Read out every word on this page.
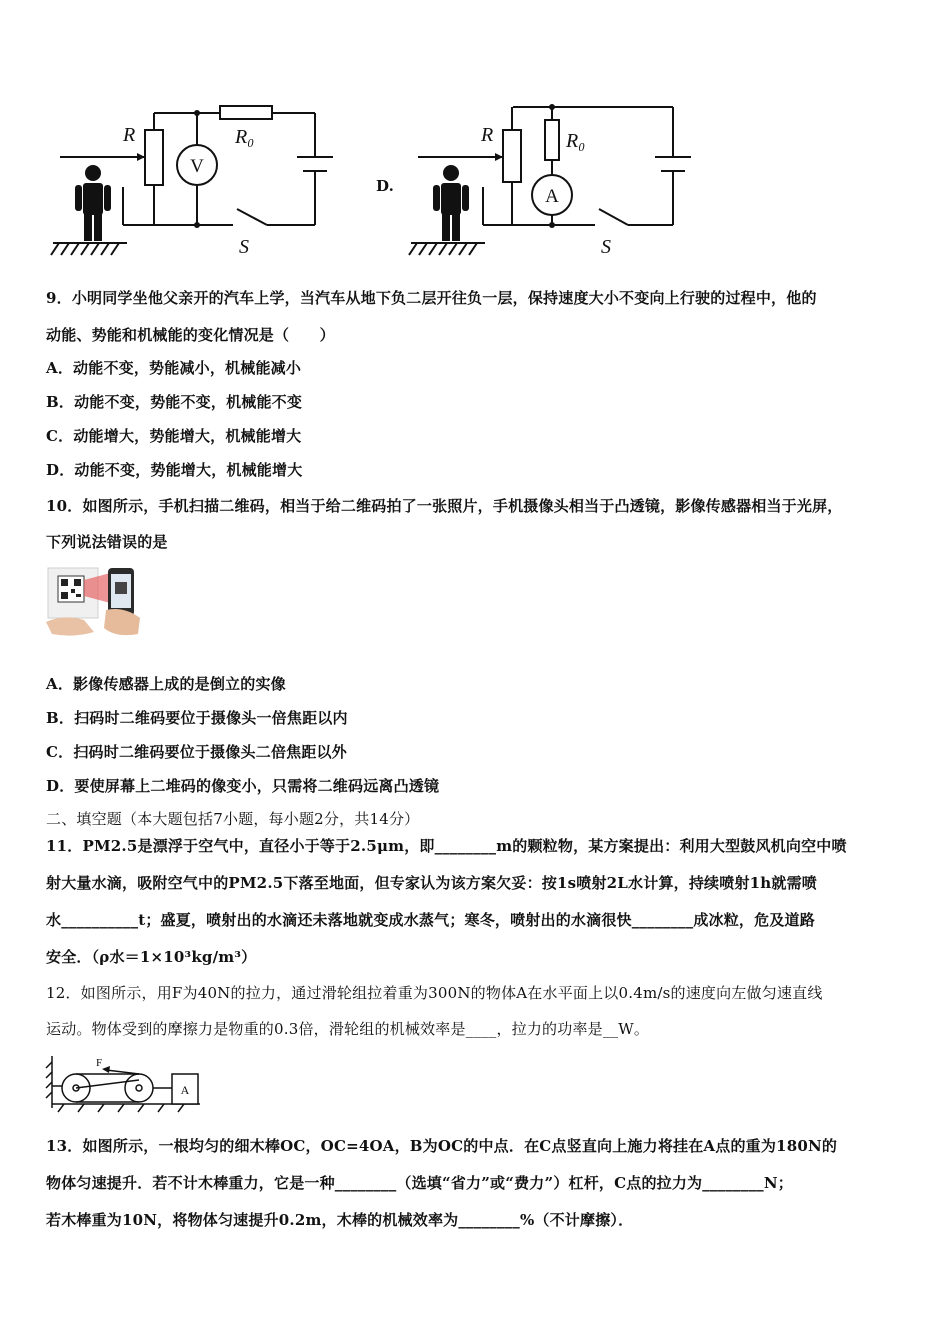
R	R₀
V
S
D.
R	R₀
A
S
9．小明同学坐他父亲开的汽车上学，当汽车从地下负二层开往负一层，保持速度大小不变向上行驶的过程中，他的
动能、势能和机械能的变化情况是（　　）
A．动能不变，势能减小，机械能减小
B．动能不变，势能不变，机械能不变
C．动能增大，势能增大，机械能增大
D．动能不变，势能增大，机械能增大
10．如图所示，手机扫描二维码，相当于给二维码拍了一张照片，手机摄像头相当于凸透镜，影像传感器相当于光屏，
下列说法错误的是
A．影像传感器上成的是倒立的实像
B．扫码时二维码要位于摄像头一倍焦距以内
C．扫码时二维码要位于摄像头二倍焦距以外
D．要使屏幕上二堆码的像变小，只需将二维码远离凸透镜
二、填空题（本大题包括7小题，每小题2分，共14分）
11．PM2.5是漂浮于空气中，直径小于等于2.5μm，即________m的颗粒物，某方案提出：利用大型鼓风机向空中喷
射大量水滴，吸附空气中的PM2.5下落至地面，但专家认为该方案欠妥：按1s喷射2L水计算，持续喷射1h就需喷
水__________t；盛夏，喷射出的水滴还未落地就变成水蒸气；寒冬，喷射出的水滴很快________成冰粒，危及道路
安全．（ρ水＝1×10³kg/m³）
12．如图所示，用F为40N的拉力，通过滑轮组拉着重为300N的物体A在水平面上以0.4m/s的速度向左做匀速直线
运动。物体受到的摩擦力是物重的0.3倍，滑轮组的机械效率是____，拉力的功率是__W。
F
A
13．如图所示，一根均匀的细木棒OC，OC=4OA，B为OC的中点．在C点竖直向上施力将挂在A点的重为180N的
物体匀速提升．若不计木棒重力，它是一种________（选填“省力”或“费力”）杠杆，C点的拉力为________N；
若木棒重为10N，将物体匀速提升0.2m，木棒的机械效率为________%（不计摩擦）．
